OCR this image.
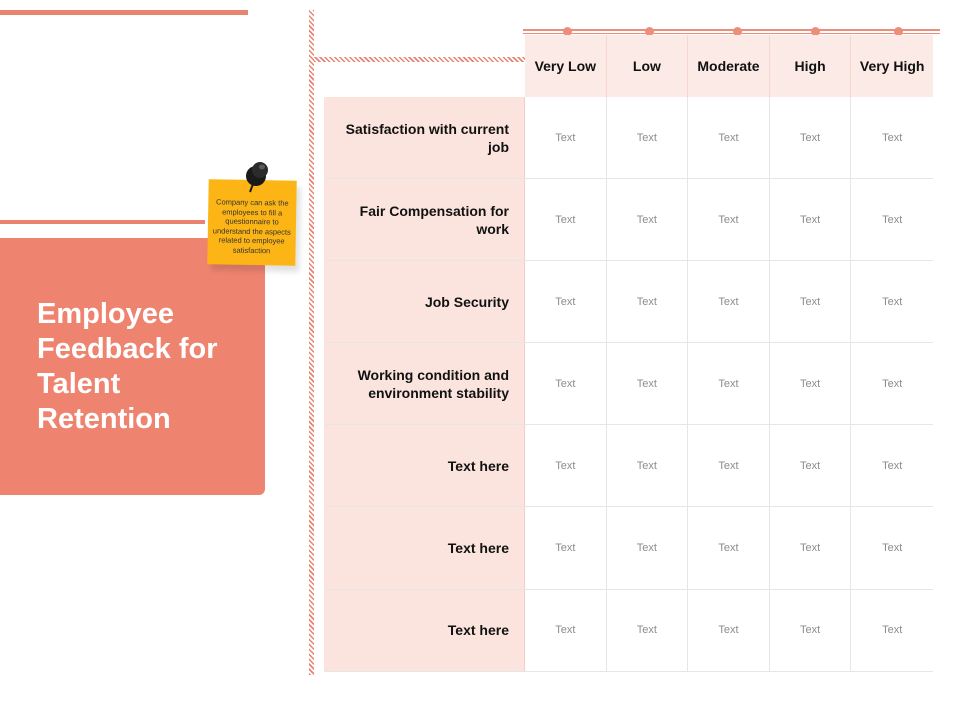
Employee
Feedback for
Talent
Retention
Company can ask the employees to fill a questionnaire to understand the aspects related to employee satisfaction
Very Low	Low	Moderate	High	Very High
Satisfaction with current job
Text	Text	Text	Text	Text
Fair Compensation for work
Text	Text	Text	Text	Text
Job Security	Text	Text	Text	Text	Text
Working condition and environment stability
Text	Text	Text	Text	Text
Text here	Text	Text	Text	Text	Text
Text here	Text	Text	Text	Text	Text
Text here	Text	Text	Text	Text	Text
